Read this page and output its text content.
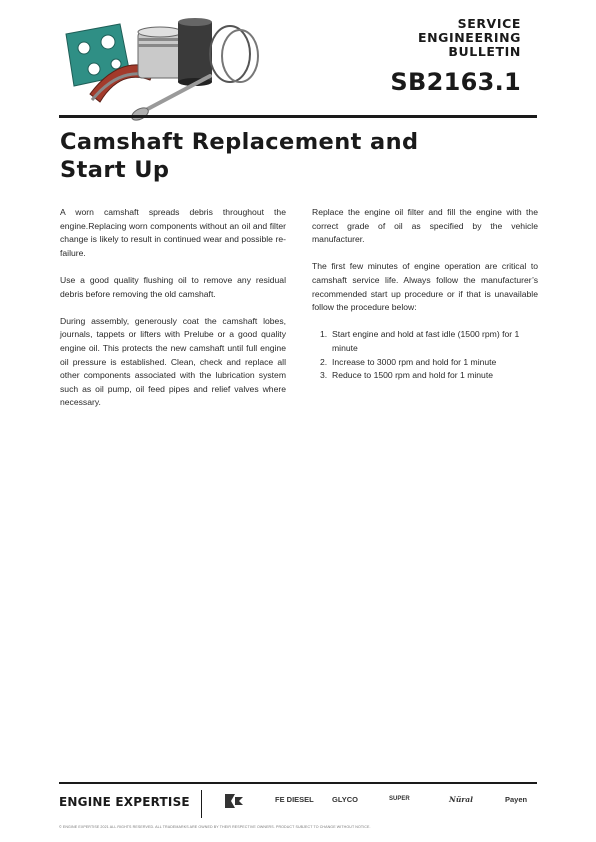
SERVICE
ENGINEERING
BULLETIN
SB2163.1
Camshaft Replacement and
Start Up

A worn camshaft spreads debris throughout the engine.Replacing worn components without an oil and filter change is likely to result in continued wear and possible re-failure.

Use a good quality flushing oil to remove any residual debris before removing the old camshaft.

During assembly, generously coat the camshaft lobes, journals, tappets or lifters with Prelube or a good quality engine oil. This protects the new camshaft until full engine oil pressure is established. Clean, check and replace all other components associated with the lubrication system such as oil pump, oil feed pipes and relief valves where necessary.

Replace the engine oil filter and fill the engine with the correct grade of oil as specified by the vehicle manufacturer.

The first few minutes of engine operation are critical to camshaft service life. Always follow the manufacturer’s recommended start up procedure or if that is unavailable follow the procedure below:

1. Start engine and hold at fast idle (1500 rpm) for 1 minute
2. Increase to 3000 rpm and hold for 1 minute
3. Reduce to 1500 rpm and hold for 1 minute
ENGINE EXPERTISE	FE DIESEL GLYCO	SUPER	Nüral	Payen
© ENGINE EXPERTISE 2021 ALL RIGHTS RESERVED. ALL TRADEMARKS ARE OWNED BY THEIR RESPECTIVE OWNERS. PRODUCT SUBJECT TO CHANGE WITHOUT NOTICE.
